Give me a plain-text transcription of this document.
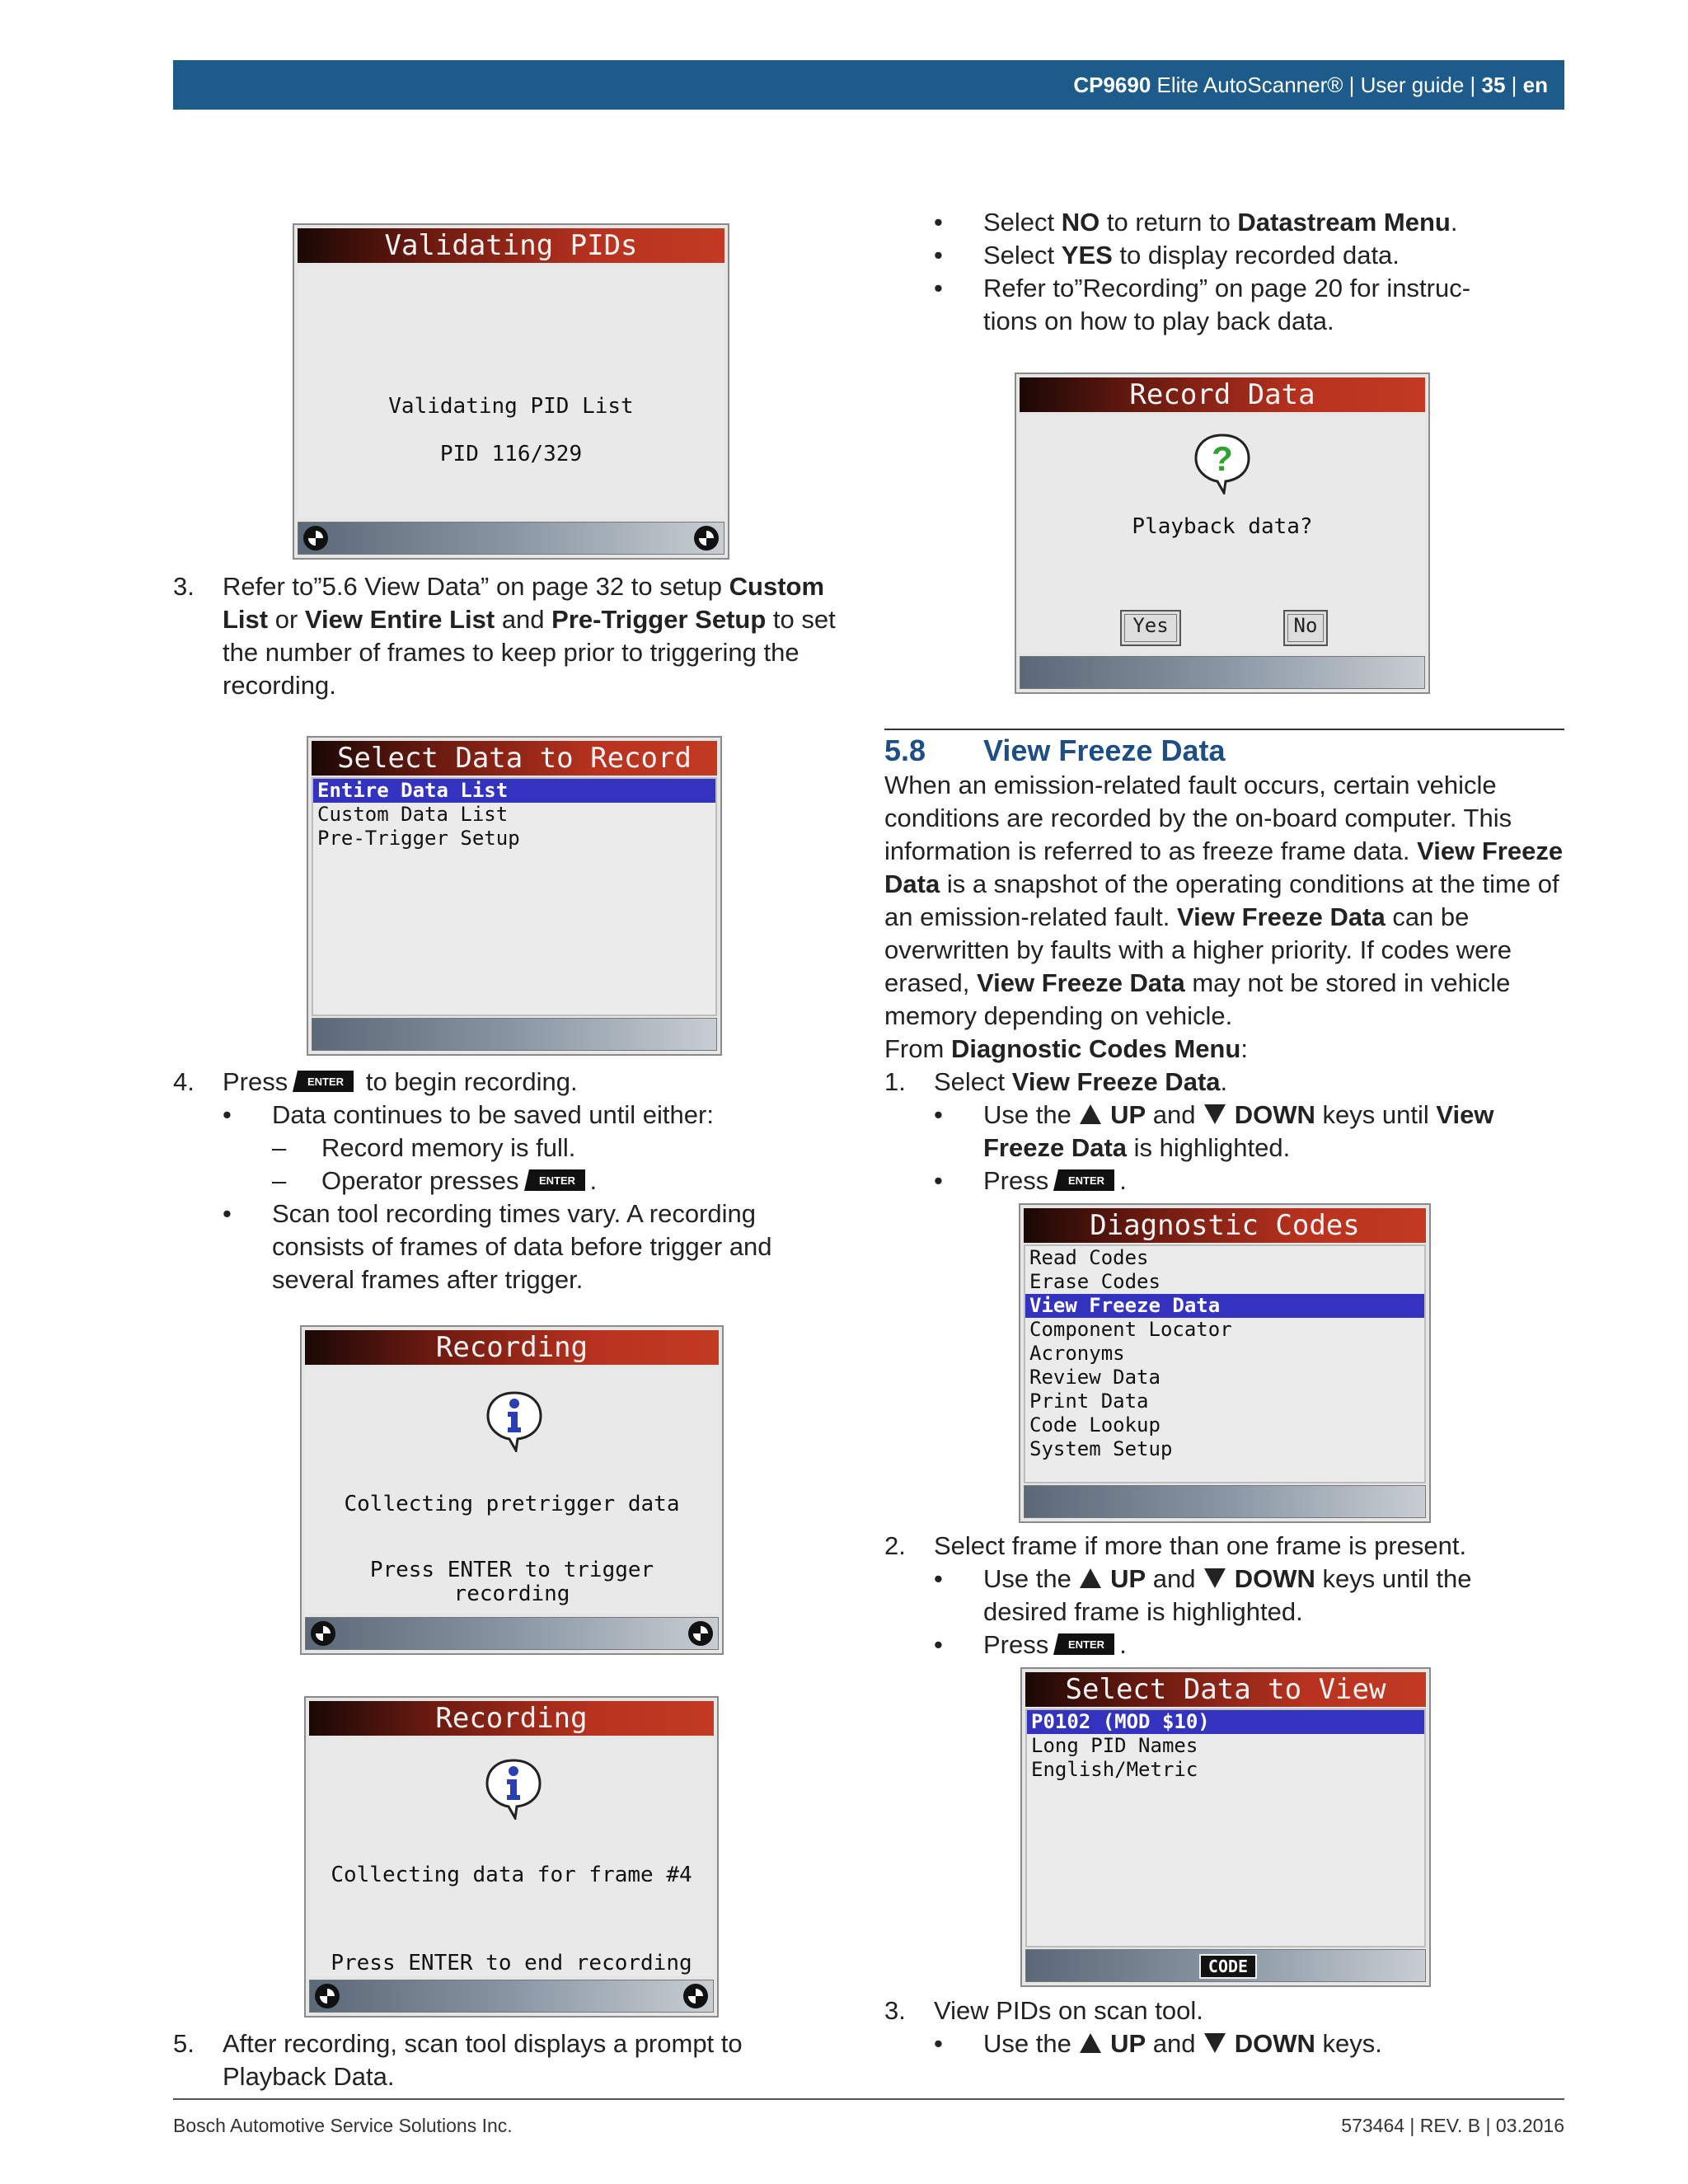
CP9690 Elite AutoScanner® | User guide | 35 | en
Validating PIDs
Validating PID List
PID 116/329
3. Refer to”5.6 View Data” on page 32 to setup Custom List or View Entire List and Pre-Trigger Setup to set the number of frames to keep prior to triggering the recording.
Select Data to Record
Entire Data List
Custom Data List
Pre-Trigger Setup
4. Press ENTER to begin recording.
• Data continues to be saved until either:
– Record memory is full.
– Operator presses ENTER .
• Scan tool recording times vary. A recording consists of frames of data before trigger and several frames after trigger.
Recording
Collecting pretrigger data
Press ENTER to trigger
recording
Recording
Collecting data for frame #4
Press ENTER to end recording
5. After recording, scan tool displays a prompt to Playback Data.
• Select NO to return to Datastream Menu.
• Select YES to display recorded data.
• Refer to”Recording” on page 20 for instruc-
tions on how to play back data.
Record Data
?
Playback data?
Yes	No
5.8 View Freeze Data
When an emission-related fault occurs, certain vehicle conditions are recorded by the on-board computer. This information is referred to as freeze frame data. View Freeze Data is a snapshot of the operating conditions at the time of an emission-related fault. View Freeze Data can be overwritten by faults with a higher priority. If codes were erased, View Freeze Data may not be stored in vehicle memory depending on vehicle.
From Diagnostic Codes Menu:
1. Select View Freeze Data.
• Use the  UP and  DOWN keys until View Freeze Data is highlighted.
• Press ENTER .
Diagnostic Codes
Read Codes
Erase Codes
View Freeze Data
Component Locator
Acronyms
Review Data
Print Data
Code Lookup
System Setup
2. Select frame if more than one frame is present.
• Use the  UP and  DOWN keys until the desired frame is highlighted.
• Press ENTER .
Select Data to View
P0102 (MOD $10)
Long PID Names
English/Metric
CODE
3. View PIDs on scan tool.
• Use the  UP and  DOWN keys.
Bosch Automotive Service Solutions Inc.	573464 | REV. B | 03.2016
